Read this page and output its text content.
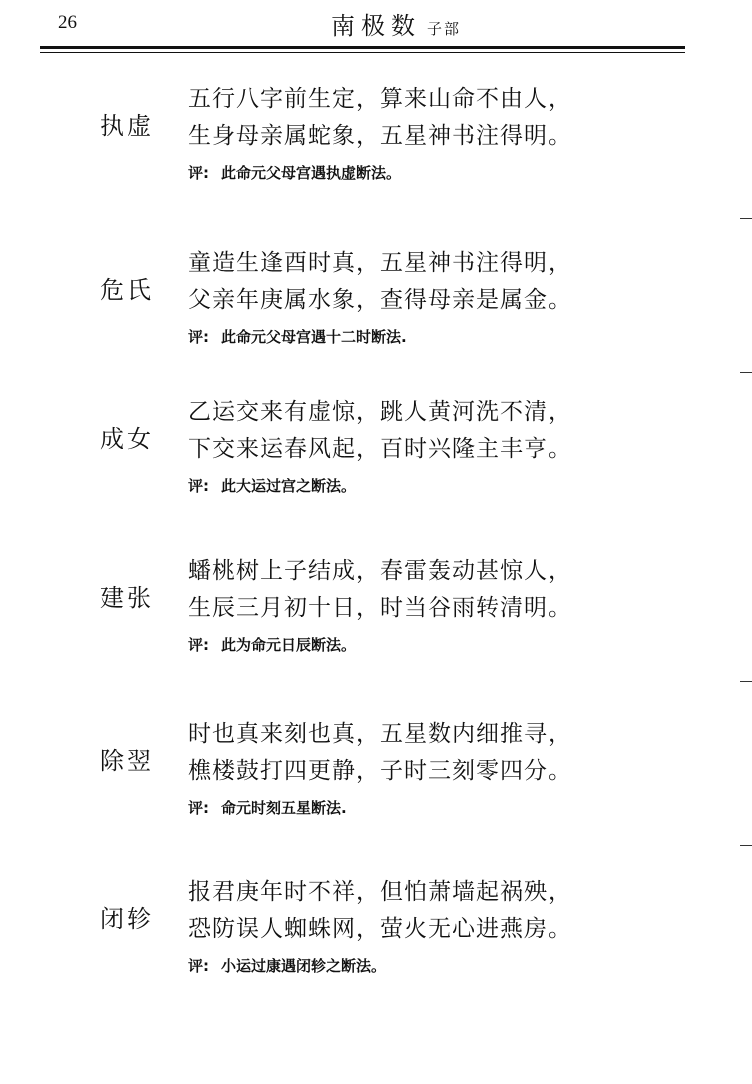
26	南极数 子部
执虚
五行八字前生定，算来山命不由人，
生身母亲属蛇象，五星神书注得明。
评: 此命元父母宫遇执虚断法。
危氏
童造生逢酉时真，五星神书注得明，
父亲年庚属水象，查得母亲是属金。
评: 此命元父母宫遇十二时断法.
成女
乙运交来有虚惊，跳人黄河洗不清，
下交来运春风起，百时兴隆主丰亨。
评: 此大运过宫之断法。
建张
蟠桃树上子结成，春雷轰动甚惊人，
生辰三月初十日，时当谷雨转清明。
评: 此为命元日辰断法。
除翌
时也真来刻也真，五星数内细推寻，
樵楼鼓打四更静，子时三刻零四分。
评: 命元时刻五星断法.
闭轸
报君庚年时不祥，但怕萧墙起祸殃，
恐防误人蜘蛛网，萤火无心进燕房。
评: 小运过康遇闭轸之断法。
